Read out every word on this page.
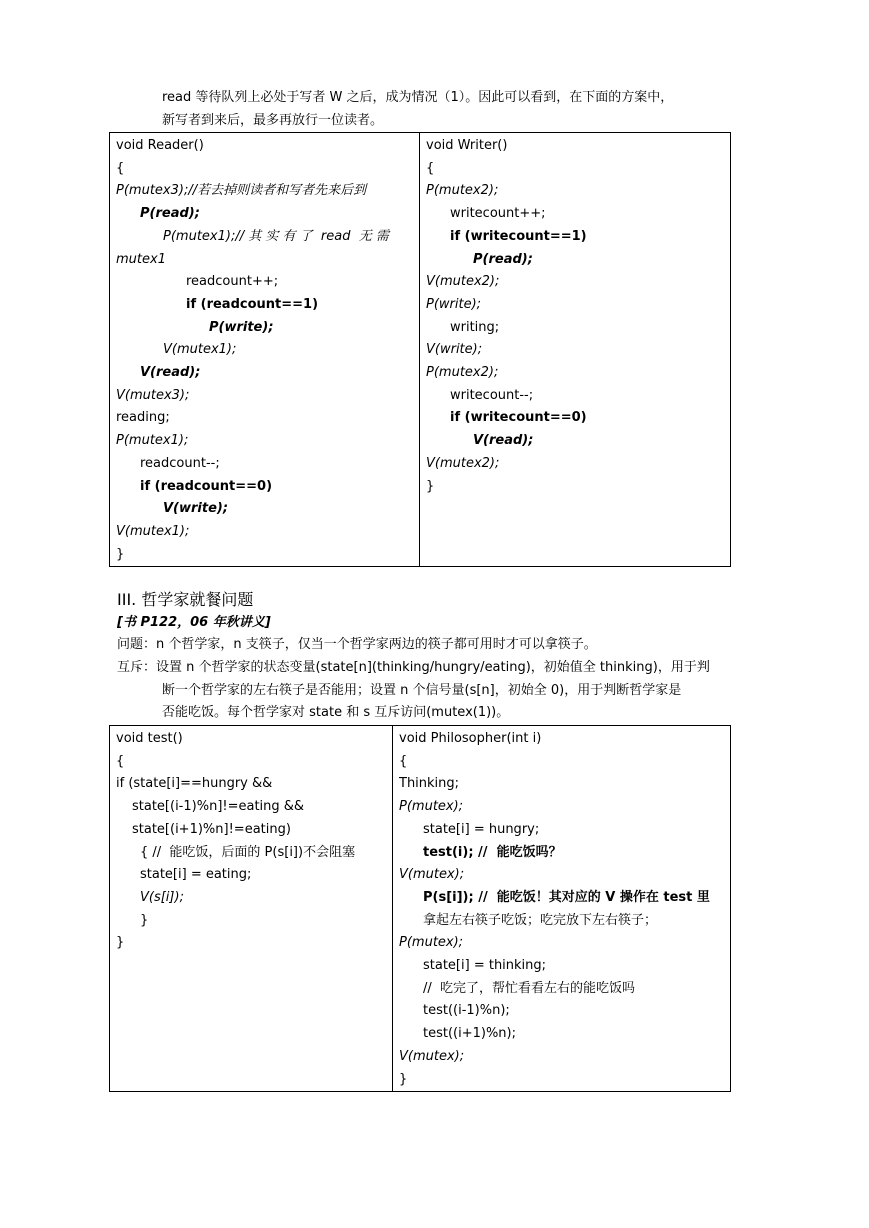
read 等待队列上必处于写者 W 之后，成为情况（1）。因此可以看到，在下面的方案中，

新写者到来后，最多再放行一位读者。

void Reader()
{
P(mutex3);//若去掉则读者和写者先来后到
P(read);
P(mutex1);// 其 实 有 了  read  无 需
mutex1
readcount++;
if (readcount==1)
P(write);
V(mutex1);
V(read);
V(mutex3);
reading;
P(mutex1);
readcount--;
if (readcount==0)
V(write);
V(mutex1);
}

void Writer()
{
P(mutex2);
writecount++;
if (writecount==1)
P(read);
V(mutex2);
P(write);
writing;
V(write);
P(mutex2);
writecount--;
if (writecount==0)
V(read);
V(mutex2);
}
III. 哲学家就餐问题
[书 P122，06 年秋讲义]
问题：n 个哲学家，n 支筷子，仅当一个哲学家两边的筷子都可用时才可以拿筷子。
互斥：设置 n 个哲学家的状态变量(state[n](thinking/hungry/eating)，初始值全 thinking)，用于判
断一个哲学家的左右筷子是否能用；设置 n 个信号量(s[n]，初始全 0)，用于判断哲学家是
否能吃饭。每个哲学家对 state 和 s 互斥访问(mutex(1))。
void test()
{
if (state[i]==hungry &&
state[(i-1)%n]!=eating &&
state[(i+1)%n]!=eating)
{ //  能吃饭，后面的 P(s[i])不会阻塞
state[i] = eating;
V(s[i]);
}
}

void Philosopher(int i)
{
Thinking;
P(mutex);
state[i] = hungry;
test(i); //  能吃饭吗？
V(mutex);
P(s[i]); //  能吃饭！其对应的 V 操作在 test 里
拿起左右筷子吃饭；吃完放下左右筷子；
P(mutex);
state[i] = thinking;
//  吃完了，帮忙看看左右的能吃饭吗
test((i-1)%n);
test((i+1)%n);
V(mutex);
}
